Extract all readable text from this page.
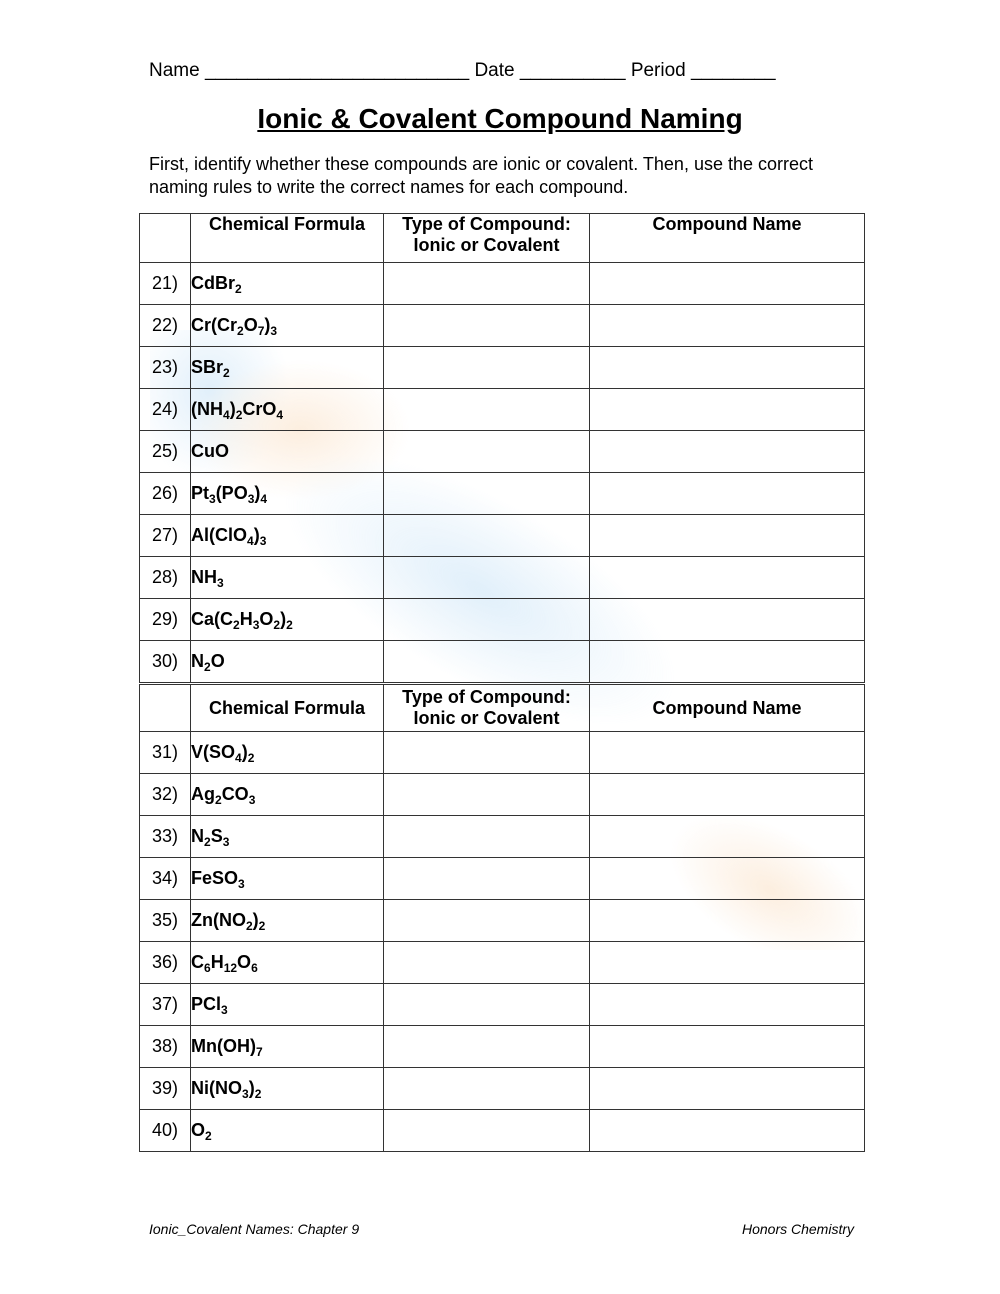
Name _________________________ Date __________ Period ________
Ionic & Covalent Compound Naming
First, identify whether these compounds are ionic or covalent. Then, use the correct naming rules to write the correct names for each compound.
	Chemical Formula	Type of Compound:
Ionic or Covalent	Compound Name
21)	CdBr$_2$		
22)	$Cr(Cr_2O_7)_3$		
23)	SBr$_2$		
24)	$(NH_4)_2CrO_4$		
25)	CuO		
26)	$Pt_3(PO_3)_4$		
27)	$Al(ClO_4)_3$		
28)	$NH_3$		
29)	$Ca(C_2H_3O_2)_2$		
30)	$N_2O$		
	Chemical Formula	Type of Compound:
Ionic or Covalent	Compound Name
31)	$V(SO_4)_2$		
32)	$Ag_2CO_3$		
33)	$N_2S_3$		
34)	FeSO$_3$		
35)	$Zn(NO_2)_2$		
36)	$C_6H_{12}O_6$		
37)	PCl$_3$		
38)	$Mn(OH)_7$		
39)	$Ni(NO_3)_2$		
40)	$O_2$		
Ionic_Covalent Names: Chapter 9	Honors Chemistry
